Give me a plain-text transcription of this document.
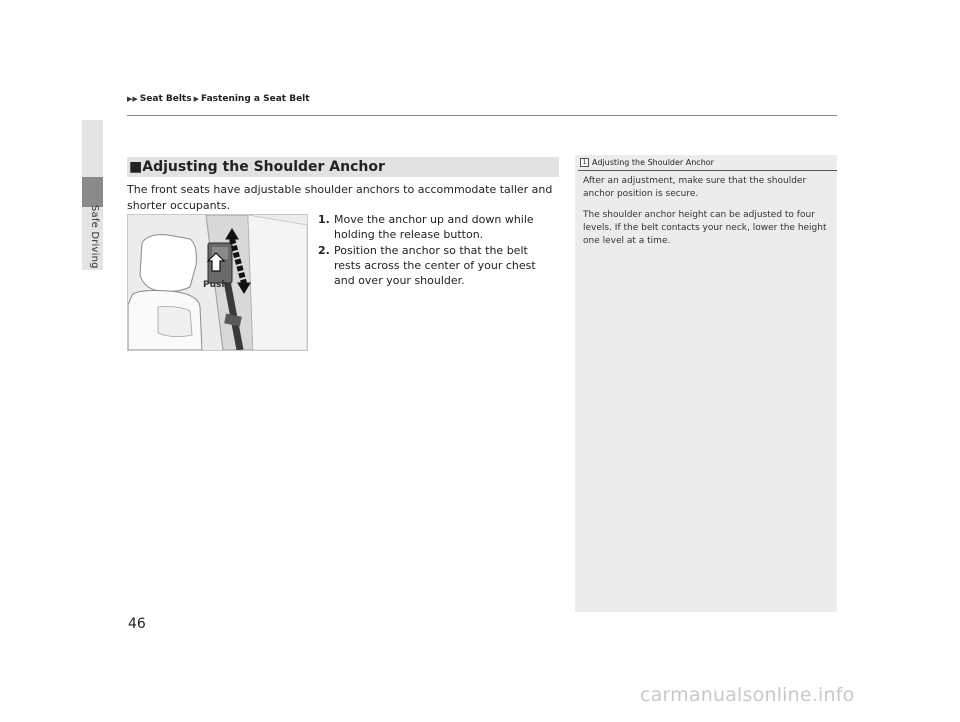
Safe Driving
▶▶ Seat Belts ▶ Fastening a Seat Belt
■Adjusting the Shoulder Anchor
The front seats have adjustable shoulder anchors to accommodate taller and shorter occupants.
Push
1. Move the anchor up and down while holding the release button.
2. Position the anchor so that the belt rests across the center of your chest and over your shoulder.
1 Adjusting the Shoulder Anchor

After an adjustment, make sure that the shoulder anchor position is secure.

The shoulder anchor height can be adjusted to four levels. If the belt contacts your neck, lower the height one level at a time.

46
carmanualsonline.info
